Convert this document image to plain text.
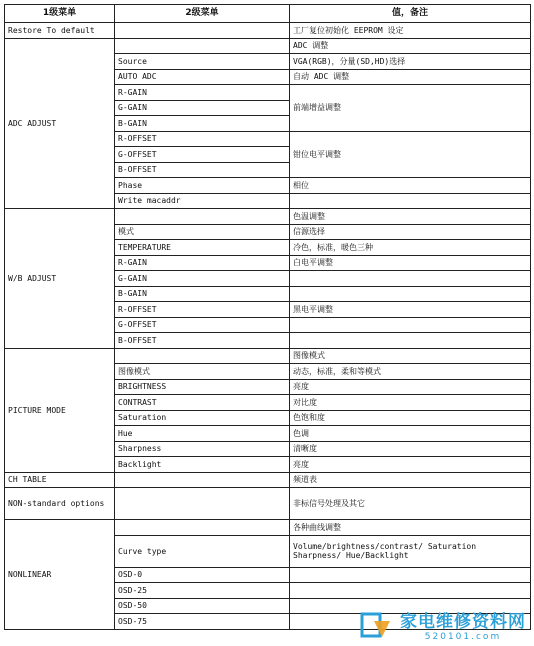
1级菜单	2级菜单	值，备注	
Restore To default		工厂复位初始化 EEPROM 设定	
ADC ADJUST		ADC 调整	
	Source	VGA(RGB)，分量(SD,HD)选择	
	AUTO ADC	自动 ADC 调整	
	R-GAIN	前端增益调整	
	G-GAIN		
	B-GAIN		
	R-OFFSET	钳位电平调整	
	G-OFFSET		
	B-OFFSET		
	Phase	相位	
	Write macaddr		
W/B ADJUST		色温调整	
	模式	信源选择	
	TEMPERATURE	冷色，标准，暖色三种	
	R-GAIN	白电平调整	
	G-GAIN		
	B-GAIN		
	R-OFFSET	黑电平调整	
	G-OFFSET		
	B-OFFSET		
PICTURE MODE		图像模式	
	图像模式	动态，标准，柔和等模式	
	BRIGHTNESS	亮度	
	CONTRAST	对比度	
	Saturation	色饱和度	
	Hue	色调	
	Sharpness	清晰度	
	Backlight	亮度	
CH TABLE		频道表	
NON-standard options		非标信号处理及其它	
NONLINEAR		各种曲线调整	
	Curve type	Volume/brightness/contrast/ Saturation Sharpness/ Hue/Backlight	
	OSD-0		
	OSD-25		
	OSD-50		
	OSD-75			家电维修资料网
520101.com
